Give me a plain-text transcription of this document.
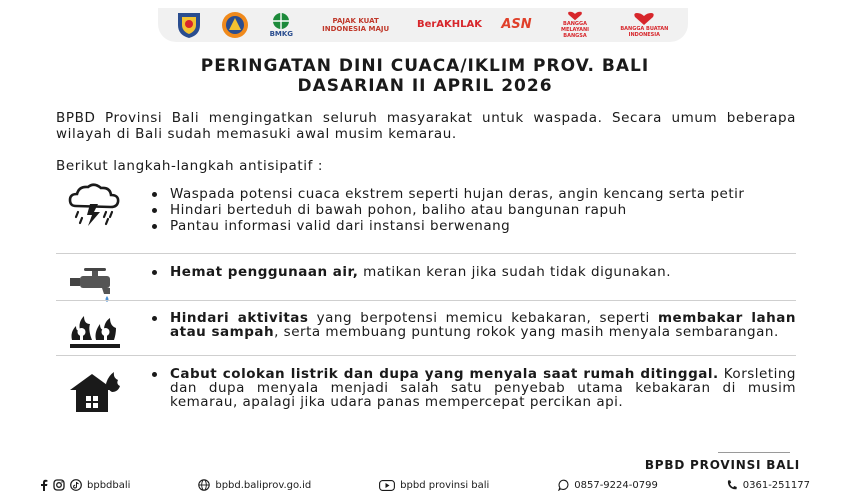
BMKG
PAJAK KUAT INDONESIA MAJU	BerAKHLAK ASN	BANGGA MELAYANI BANGSA
BANGGA BUATAN INDONESIA
PERINGATAN DINI CUACA/IKLIM PROV. BALI
DASARIAN II APRIL 2026
BPBD Provinsi Bali mengingatkan seluruh masyarakat untuk waspada. Secara umum beberapa wilayah di Bali sudah memasuki awal musim kemarau.
Berikut langkah-langkah antisipatif :
Waspada potensi cuaca ekstrem seperti hujan deras, angin kencang serta petir
Hindari berteduh di bawah pohon, baliho atau bangunan rapuh
Pantau informasi valid dari instansi berwenang
Hemat penggunaan air, matikan keran jika sudah tidak digunakan.
Hindari aktivitas yang berpotensi memicu kebakaran, seperti membakar lahan atau sampah, serta membuang puntung rokok yang masih menyala sembarangan.
Cabut colokan listrik dan dupa yang menyala saat rumah ditinggal. Korsleting dan dupa menyala menjadi salah satu penyebab utama kebakaran di musim kemarau, apalagi jika udara panas mempercepat percikan api.
BPBD PROVINSI BALI
bpbdbali	bpbd.baliprov.go.id	bpbd provinsi bali	0857-9224-0799	0361-251177
